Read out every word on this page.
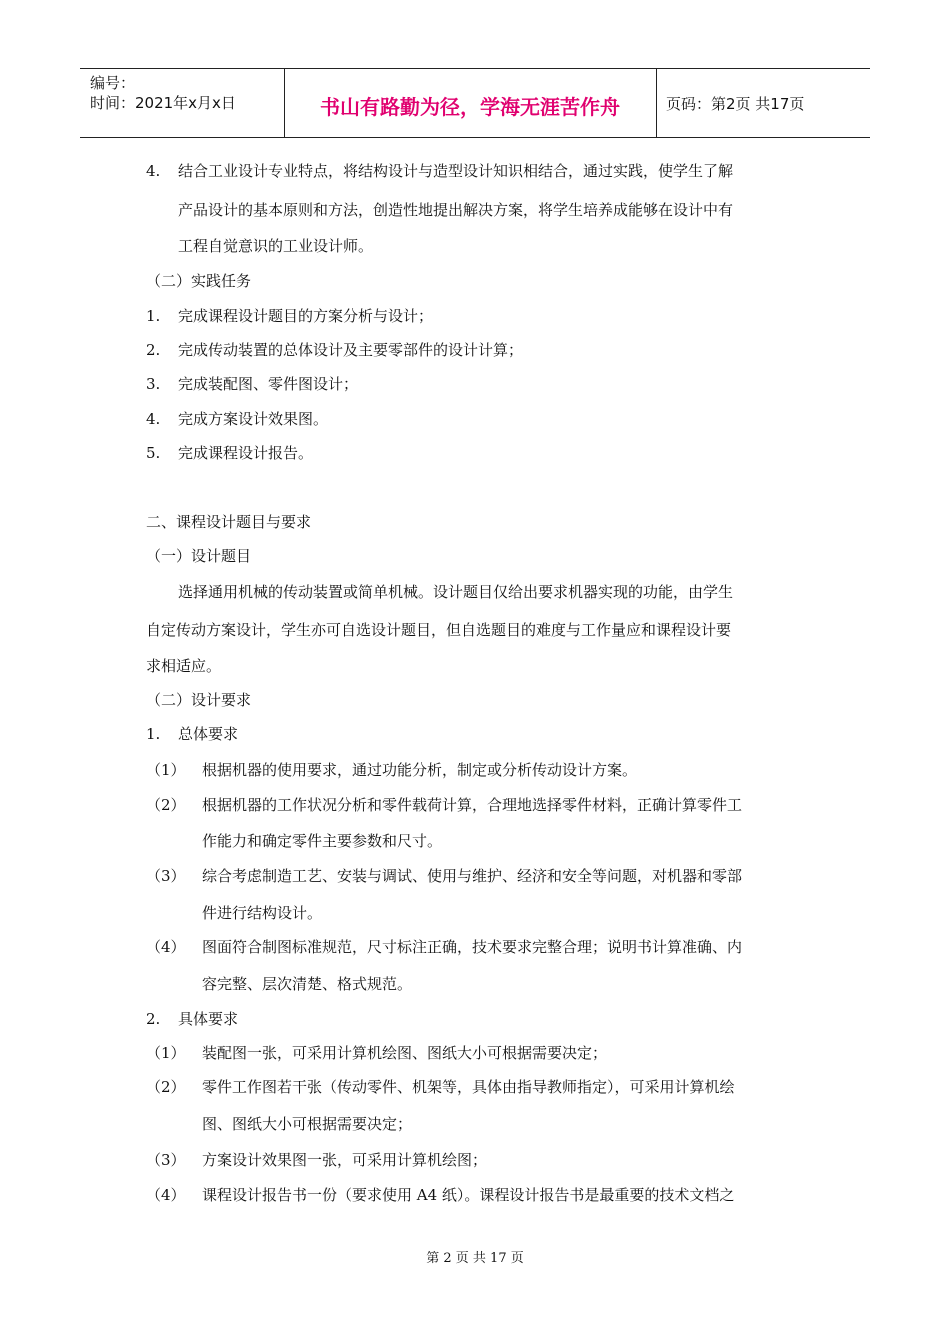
编号：
时间：2021年x月x日	书山有路勤为径，学海无涯苦作舟	页码：第2页 共17页
4. 结合工业设计专业特点，将结构设计与造型设计知识相结合，通过实践，使学生了解
产品设计的基本原则和方法，创造性地提出解决方案，将学生培养成能够在设计中有
工程自觉意识的工业设计师。
（二）实践任务
1. 完成课程设计题目的方案分析与设计；
2. 完成传动装置的总体设计及主要零部件的设计计算；
3. 完成装配图、零件图设计；
4. 完成方案设计效果图。
5. 完成课程设计报告。
二、课程设计题目与要求
（一）设计题目
选择通用机械的传动装置或简单机械。设计题目仅给出要求机器实现的功能，由学生
自定传动方案设计，学生亦可自选设计题目，但自选题目的难度与工作量应和课程设计要
求相适应。
（二）设计要求
1. 总体要求
（1） 根据机器的使用要求，通过功能分析，制定或分析传动设计方案。
（2） 根据机器的工作状况分析和零件载荷计算，合理地选择零件材料，正确计算零件工
作能力和确定零件主要参数和尺寸。
（3） 综合考虑制造工艺、安装与调试、使用与维护、经济和安全等问题，对机器和零部
件进行结构设计。
（4） 图面符合制图标准规范，尺寸标注正确，技术要求完整合理；说明书计算准确、内
容完整、层次清楚、格式规范。
2. 具体要求
（1） 装配图一张，可采用计算机绘图、图纸大小可根据需要决定；
（2） 零件工作图若干张（传动零件、机架等，具体由指导教师指定），可采用计算机绘
图、图纸大小可根据需要决定；
（3） 方案设计效果图一张，可采用计算机绘图；
（4） 课程设计报告书一份（要求使用 A4 纸）。课程设计报告书是最重要的技术文档之
第 2 页 共 17 页
